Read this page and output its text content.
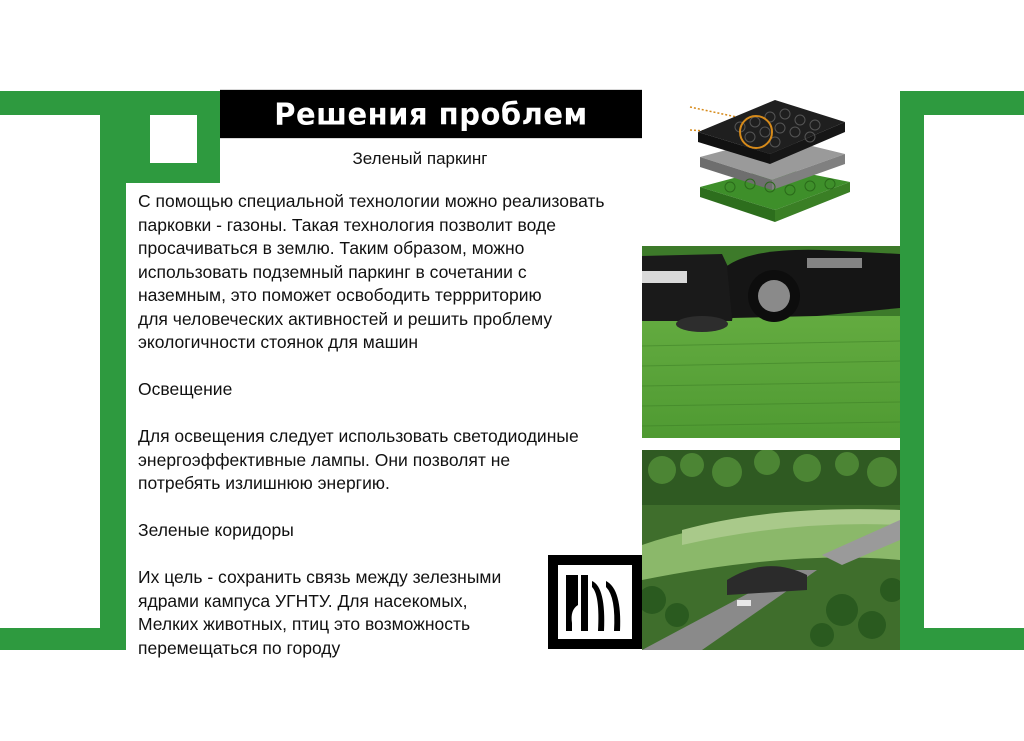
Решения проблем
Зеленый паркинг

С помощью специальной технологии можно реализовать

парковки - газоны. Такая технология позволит воде

просачиваться в землю. Таким образом, можно

использовать подземный паркинг в сочетании с

наземным, это поможет освободить террриторию

для человеческих активностей и решить проблему

экологичности стоянок для машин

Освещение

Для освещения следует использовать светодиодиные

энергоэффективные лампы. Они позволят не

потребять излишнюю энергию.

Зеленые коридоры

Их цель - сохранить связь между зелезными

ядрами кампуса УГНТУ. Для насекомых,

Мелких животных, птиц это возможность

перемещаться по городу
